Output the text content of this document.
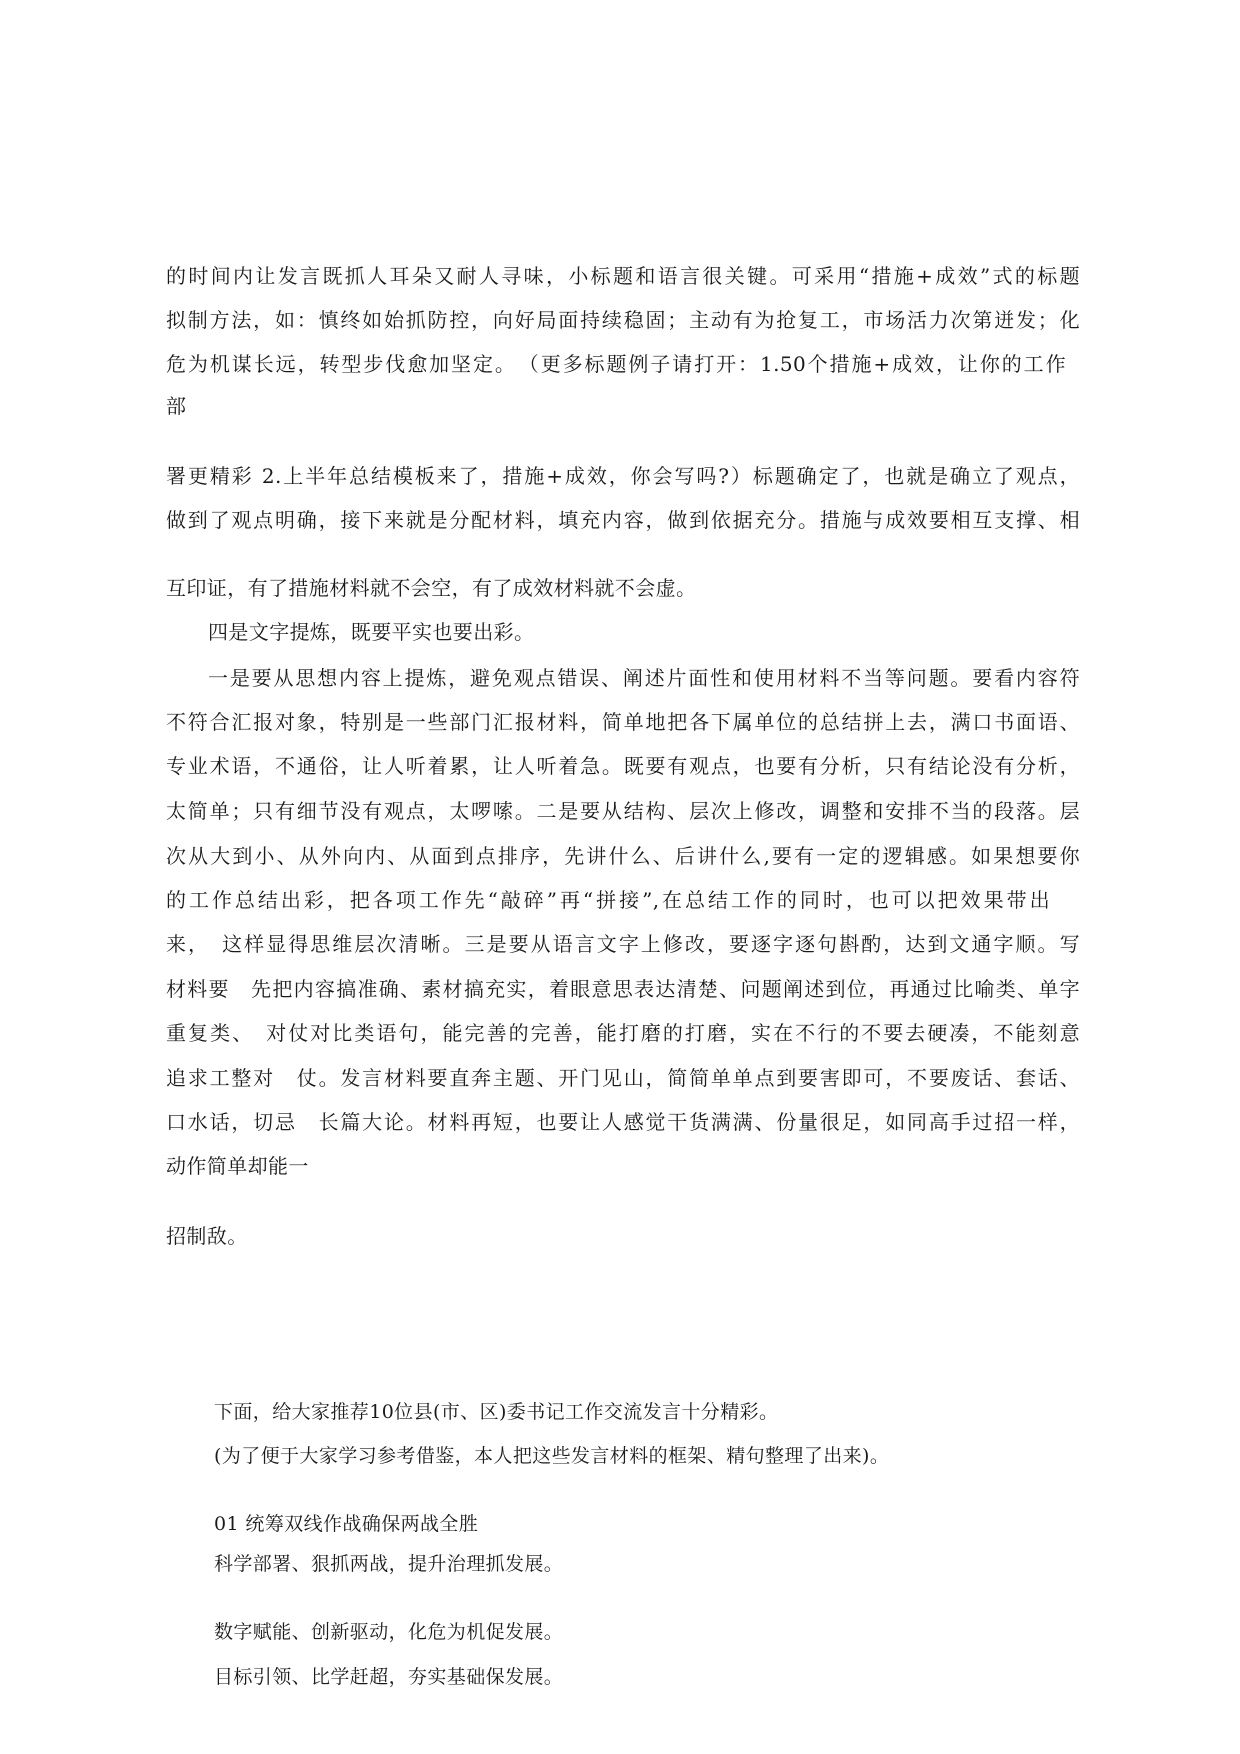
的时间内让发言既抓人耳朵又耐人寻味，小标题和语言很关键。可采用“措施+成效”式的标题

拟制方法，如：慎终如始抓防控，向好局面持续稳固；主动有为抢复工，市场活力次第迸发；化

危为机谋长远，转型步伐愈加坚定。　（更多标题例子请打开：1.50个措施+成效，让你的工作

部

署更精彩 2.上半年总结模板来了，措施+成效，你会写吗?）标题确定了，也就是确立了观点，

做到了观点明确，接下来就是分配材料，填充内容，做到依据充分。措施与成效要相互支撑、相

互印证，有了措施材料就不会空，有了成效材料就不会虚。

四是文字提炼，既要平实也要出彩。

一是要从思想内容上提炼，避免观点错误、阐述片面性和使用材料不当等问题。要看内容符

不符合汇报对象，特别是一些部门汇报材料，简单地把各下属单位的总结拼上去，满口书面语、

专业术语，不通俗，让人听着累，让人听着急。既要有观点，也要有分析，只有结论没有分析，

太简单；只有细节没有观点，太啰嗦。二是要从结构、层次上修改，调整和安排不当的段落。层

次从大到小、从外向内、从面到点排序，先讲什么、后讲什么,要有一定的逻辑感。如果想要你

的工作总结出彩，把各项工作先“敲碎”再“拼接”,在总结工作的同时，也可以把效果带出

来，　这样显得思维层次清晰。三是要从语言文字上修改，要逐字逐句斟酌，达到文通字顺。写

材料要　先把内容搞准确、素材搞充实，着眼意思表达清楚、问题阐述到位，再通过比喻类、单字

重复类、　对仗对比类语句，能完善的完善，能打磨的打磨，实在不行的不要去硬凑，不能刻意

追求工整对　仗。发言材料要直奔主题、开门见山，简简单单点到要害即可，不要废话、套话、

口水话，切忌　长篇大论。材料再短，也要让人感觉干货满满、份量很足，如同高手过招一样，

动作简单却能一

招制敌。

下面，给大家推荐10位县(市、区)委书记工作交流发言十分精彩。

(为了便于大家学习参考借鉴，本人把这些发言材料的框架、精句整理了出来)。

01 统筹双线作战确保两战全胜

科学部署、狠抓两战，提升治理抓发展。

数字赋能、创新驱动，化危为机促发展。

目标引领、比学赶超，夯实基础保发展。
